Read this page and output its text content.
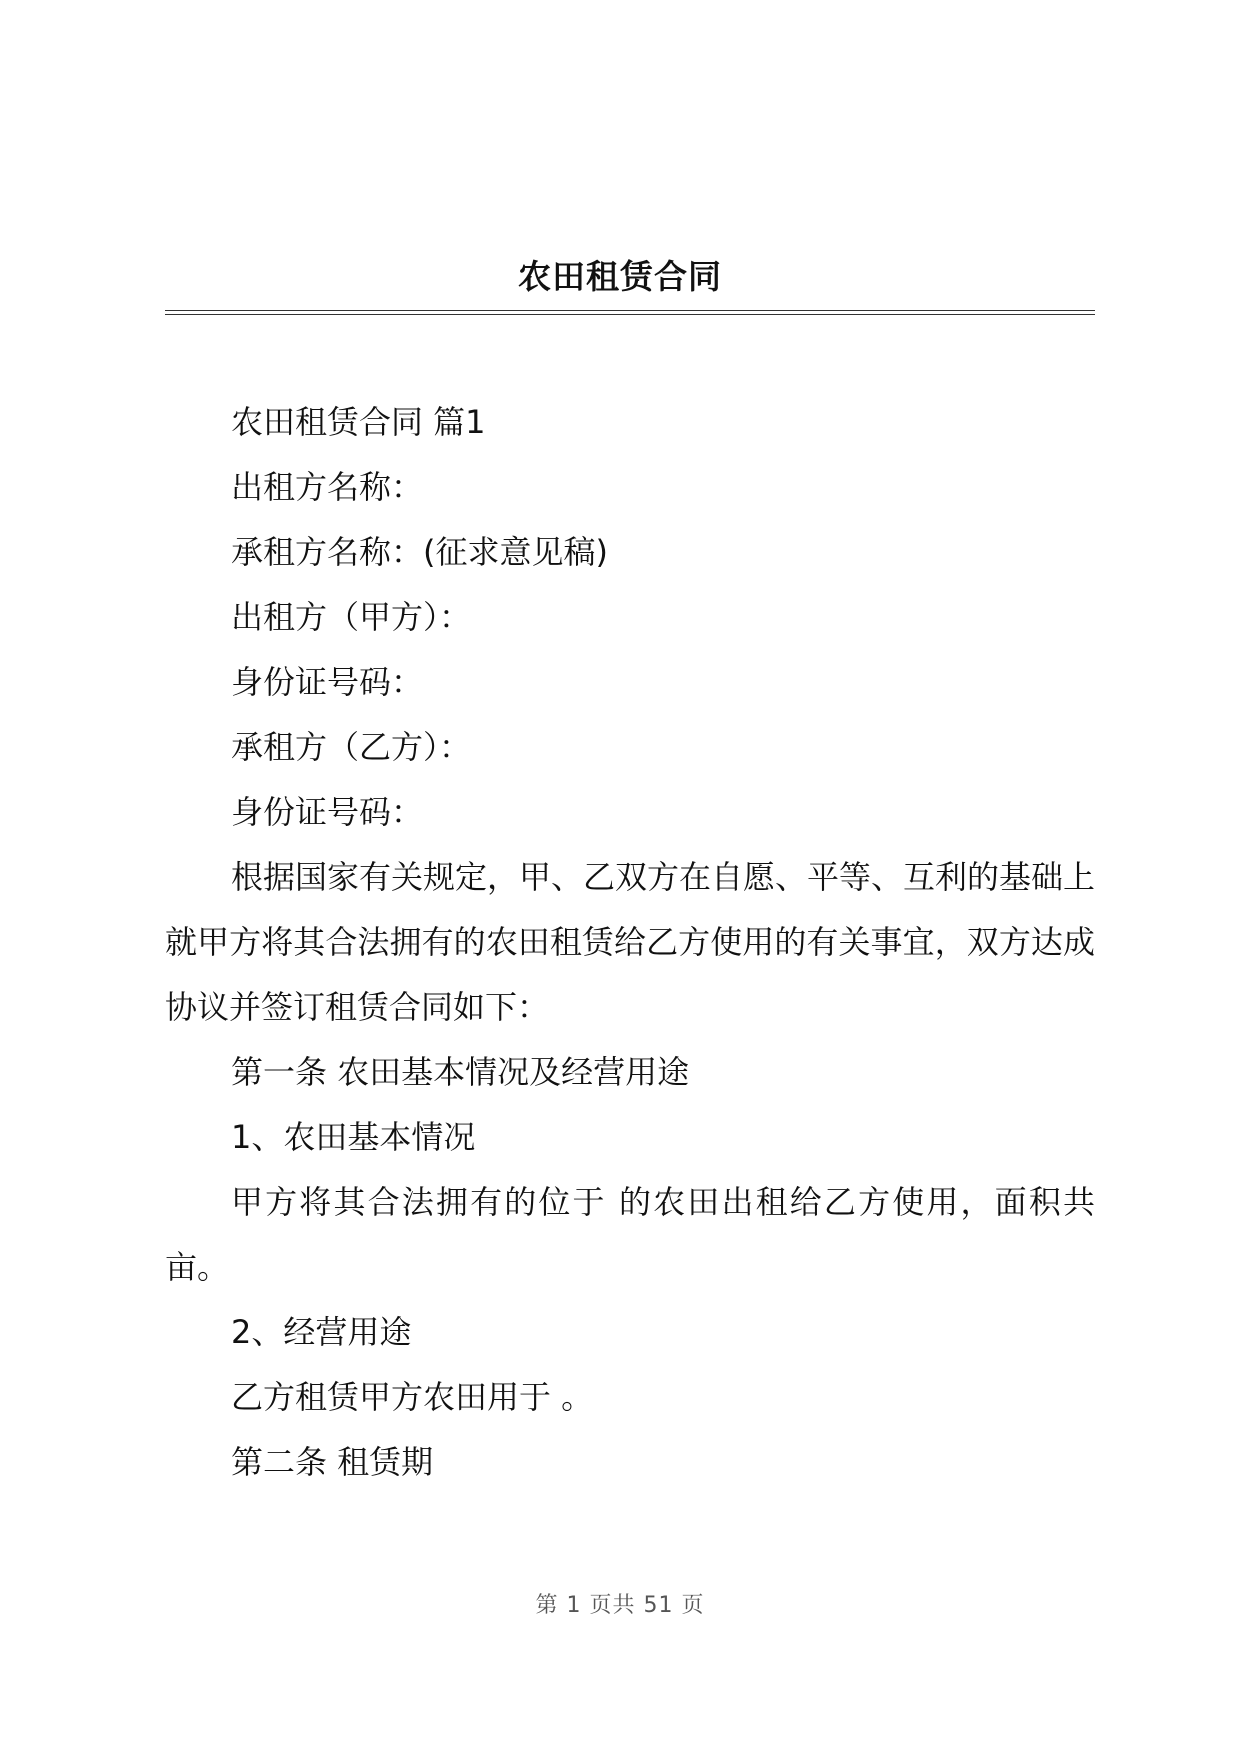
农田租赁合同

农田租赁合同 篇1

出租方名称：

承租方名称：(征求意见稿)

出租方（甲方）：

身份证号码：

承租方（乙方）：

身份证号码：

根据国家有关规定，甲、乙双方在自愿、平等、互利的基础上就甲方将其合法拥有的农田租赁给乙方使用的有关事宜，双方达成协议并签订租赁合同如下：

第一条 农田基本情况及经营用途

1、农田基本情况

甲方将其合法拥有的位于 的农田出租给乙方使用，面积共 亩。

2、经营用途

乙方租赁甲方农田用于 。

第二条 租赁期

第 1 页共 51 页
